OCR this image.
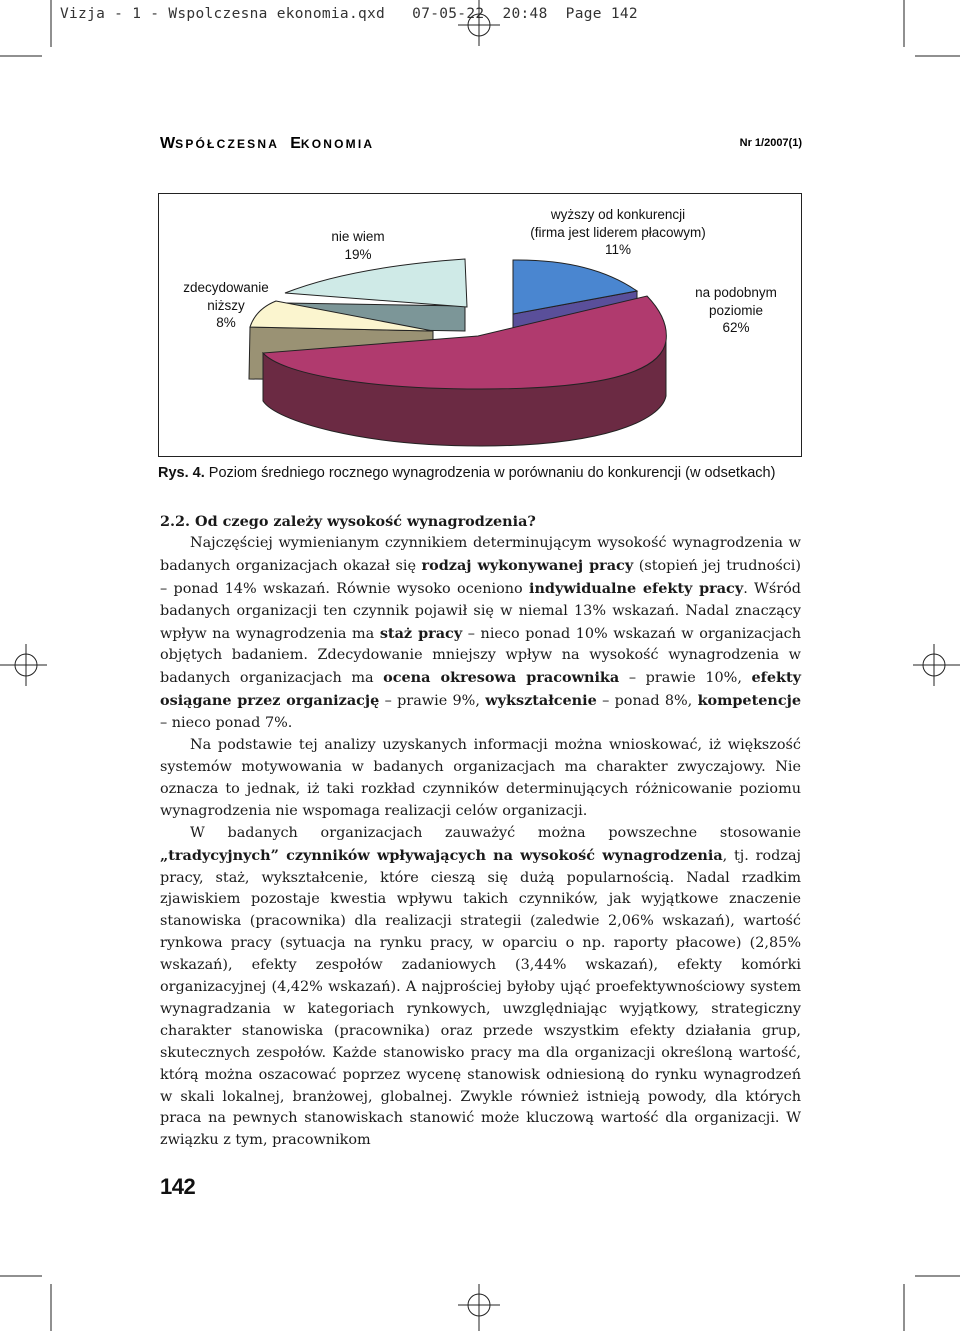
Vizja - 1 - Wspolczesna ekonomia.qxd   07-05-22  20:48  Page 142
WSPÓŁCZESNA EKONOMIA	Nr 1/2007(1)
wyższy od konkurencji
(firma jest liderem płacowym)
11%
nie wiem
19%
zdecydowanie
niższy
8%
na podobnym
poziomie
62%
Rys. 4. Poziom średniego rocznego wynagrodzenia w porównaniu do konkurencji (w odsetkach)
2.2. Od czego zależy wysokość wynagrodzenia?

Najczęściej wymienianym czynnikiem determinującym wysokość wynagrodzenia w badanych organizacjach okazał się rodzaj wykonywanej pracy (stopień jej trudności) – ponad 14% wskazań. Równie wysoko oceniono indywidualne efekty pracy. Wśród badanych organizacji ten czynnik pojawił się w niemal 13% wskazań. Nadal znaczący wpływ na wynagrodzenia ma staż pracy – nieco ponad 10% wskazań w organizacjach objętych badaniem. Zdecydowanie mniejszy wpływ na wysokość wynagrodzenia w badanych organizacjach ma ocena okresowa pracownika – prawie 10%, efekty osiągane przez organizację – prawie 9%, wykształcenie – ponad 8%, kompetencje – nieco ponad 7%.

Na podstawie tej analizy uzyskanych informacji można wnioskować, iż większość systemów motywowania w badanych organizacjach ma charakter zwyczajowy. Nie oznacza to jednak, iż taki rozkład czynników determinujących różnicowanie poziomu wynagrodzenia nie wspomaga realizacji celów organizacji.

W badanych organizacjach zauważyć można powszechne stosowanie „tradycyjnych” czynników wpływających na wysokość wynagrodzenia, tj. rodzaj pracy, staż, wykształcenie, które cieszą się dużą popularnością. Nadal rzadkim zjawiskiem pozostaje kwestia wpływu takich czynników, jak wyjątkowe znaczenie stanowiska (pracownika) dla realizacji strategii (zaledwie 2,06% wskazań), wartość rynkowa pracy (sytuacja na rynku pracy, w oparciu o np. raporty płacowe) (2,85% wskazań), efekty zespołów zadaniowych (3,44% wskazań), efekty komórki organizacyjnej (4,42% wskazań). A najprościej byłoby ująć proefektywnościowy system wynagradzania w kategoriach rynkowych, uwzględniając wyjątkowy, strategiczny charakter stanowiska (pracownika) oraz przede wszystkim efekty działania grup, skutecznych zespołów. Każde stanowisko pracy ma dla organizacji określoną wartość, którą można oszacować poprzez wycenę stanowisk odniesioną do rynku wynagrodzeń w skali lokalnej, branżowej, globalnej. Zwykle również istnieją powody, dla których praca na pewnych stanowiskach stanowić może kluczową wartość dla organizacji. W związku z tym, pracownikom

142
